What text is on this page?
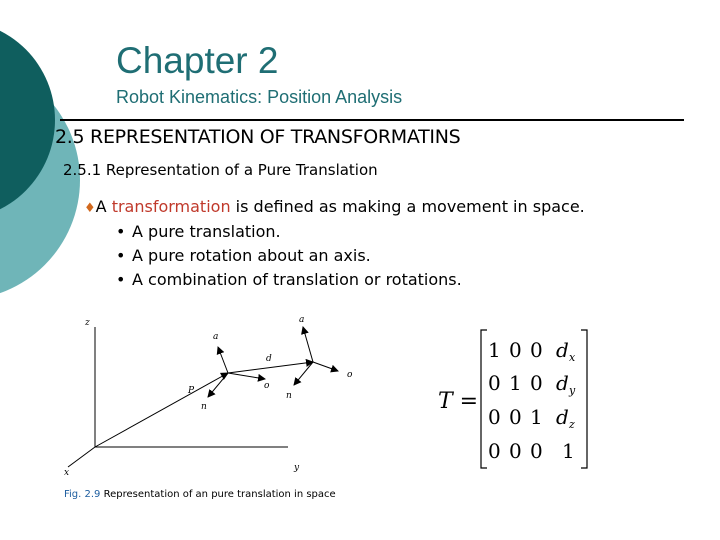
Chapter 2
Robot Kinematics: Position Analysis
2.5 REPRESENTATION OF TRANSFORMATINS
2.5.1 Representation of a Pure Translation
♦A transformation is defined as making a movement in space.
• A pure translation.
• A pure rotation about an axis.
• A combination of translation or rotations.
z
x	y
a
a
d
o
o
P
n
n
Fig. 2.9 Representation of an pure translation in space
T =
1 0 0 d x
0 1 0 d y
0 0 1 d z
0 0 0 1
